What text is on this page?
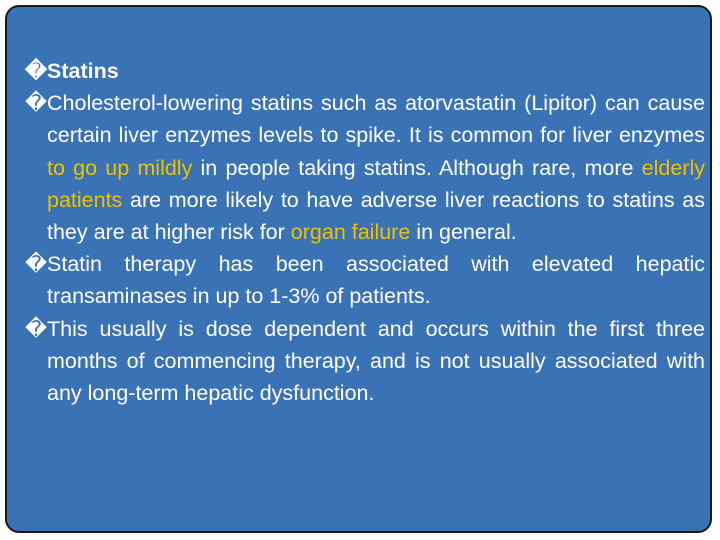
� Statins
� Cholesterol-lowering statins such as atorvastatin (Lipitor) can cause certain liver enzymes levels to spike. It is common for liver enzymes to go up mildly in people taking statins. Although rare, more elderly patients are more likely to have adverse liver reactions to statins as they are at higher risk for organ failure in general.
� Statin therapy has been associated with elevated hepatic transaminases in up to 1-3% of patients.
� This usually is dose dependent and occurs within the first three months of commencing therapy, and is not usually associated with any long-term hepatic dysfunction.
